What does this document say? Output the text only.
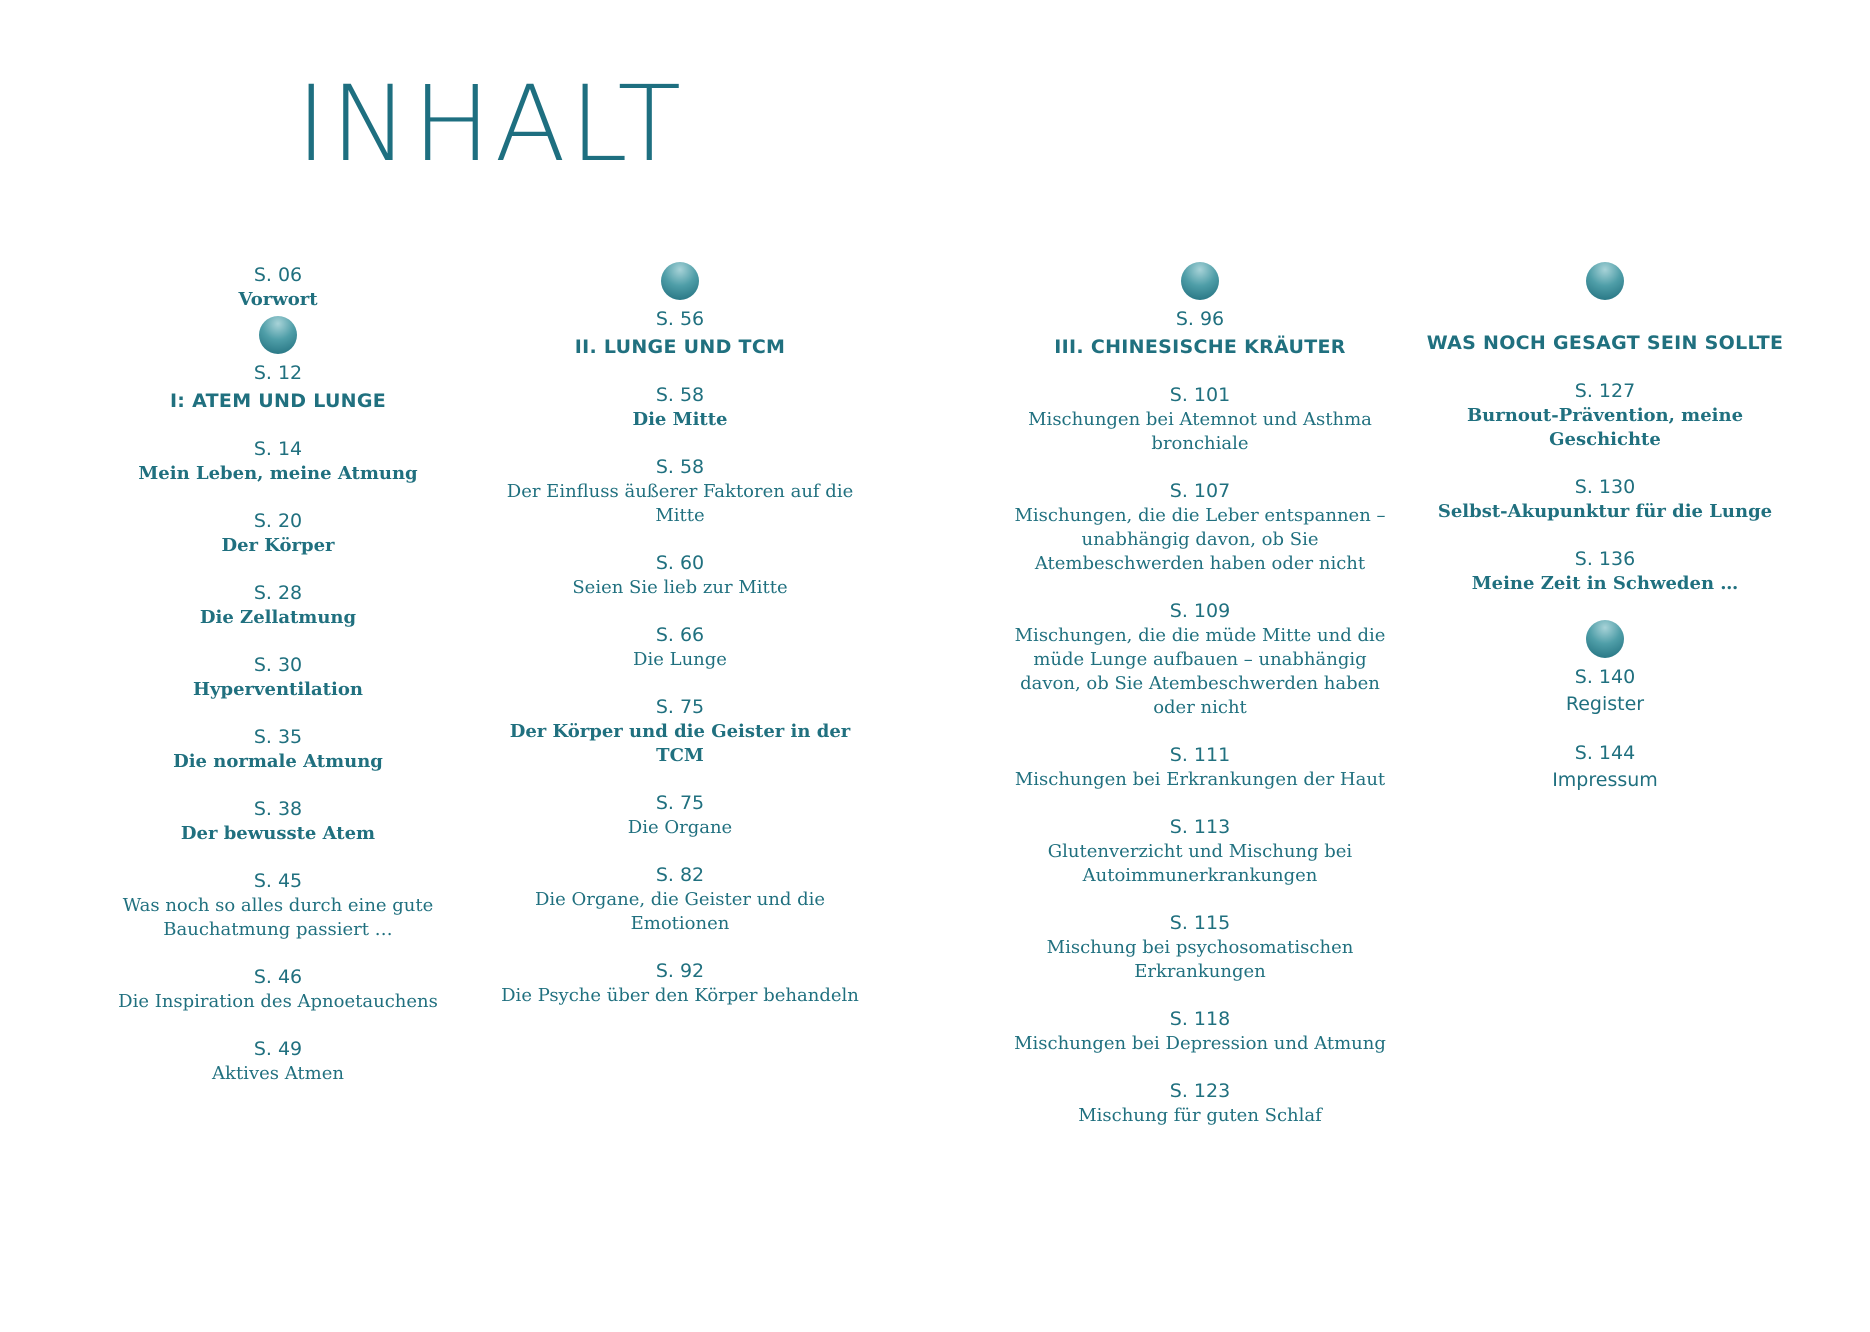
INHALT
S. 06
Vorwort
S. 12
I: ATEM UND LUNGE
S. 14
Mein Leben, meine Atmung
S. 20
Der Körper
S. 28
Die Zellatmung
S. 30
Hyperventilation
S. 35
Die normale Atmung
S. 38
Der bewusste Atem
S. 45
Was noch so alles durch eine gute Bauchatmung passiert …
S. 46
Die Inspiration des Apnoetauchens
S. 49
Aktives Atmen
S. 56
II. LUNGE UND TCM
S. 58
Die Mitte
S. 58
Der Einfluss äußerer Faktoren auf die Mitte
S. 60
Seien Sie lieb zur Mitte
S. 66
Die Lunge
S. 75
Der Körper und die Geister in der TCM
S. 75
Die Organe
S. 82
Die Organe, die Geister und die Emotionen
S. 92
Die Psyche über den Körper behandeln
S. 96
III. CHINESISCHE KRÄUTER
S. 101
Mischungen bei Atemnot und Asthma bronchiale
S. 107
Mischungen, die die Leber entspannen – unabhängig davon, ob Sie Atembeschwerden haben oder nicht
S. 109
Mischungen, die die müde Mitte und die müde Lunge aufbauen – unabhängig davon, ob Sie Atembeschwerden haben oder nicht
S. 111
Mischungen bei Erkrankungen der Haut
S. 113
Glutenverzicht und Mischung bei Autoimmunerkrankungen
S. 115
Mischung bei psychosomatischen Erkrankungen
S. 118
Mischungen bei Depression und Atmung
S. 123
Mischung für guten Schlaf
WAS NOCH GESAGT SEIN SOLLTE
S. 127
Burnout-Prävention, meine Geschichte
S. 130
Selbst-Akupunktur für die Lunge
S. 136
Meine Zeit in Schweden …
S. 140
Register
S. 144
Impressum
